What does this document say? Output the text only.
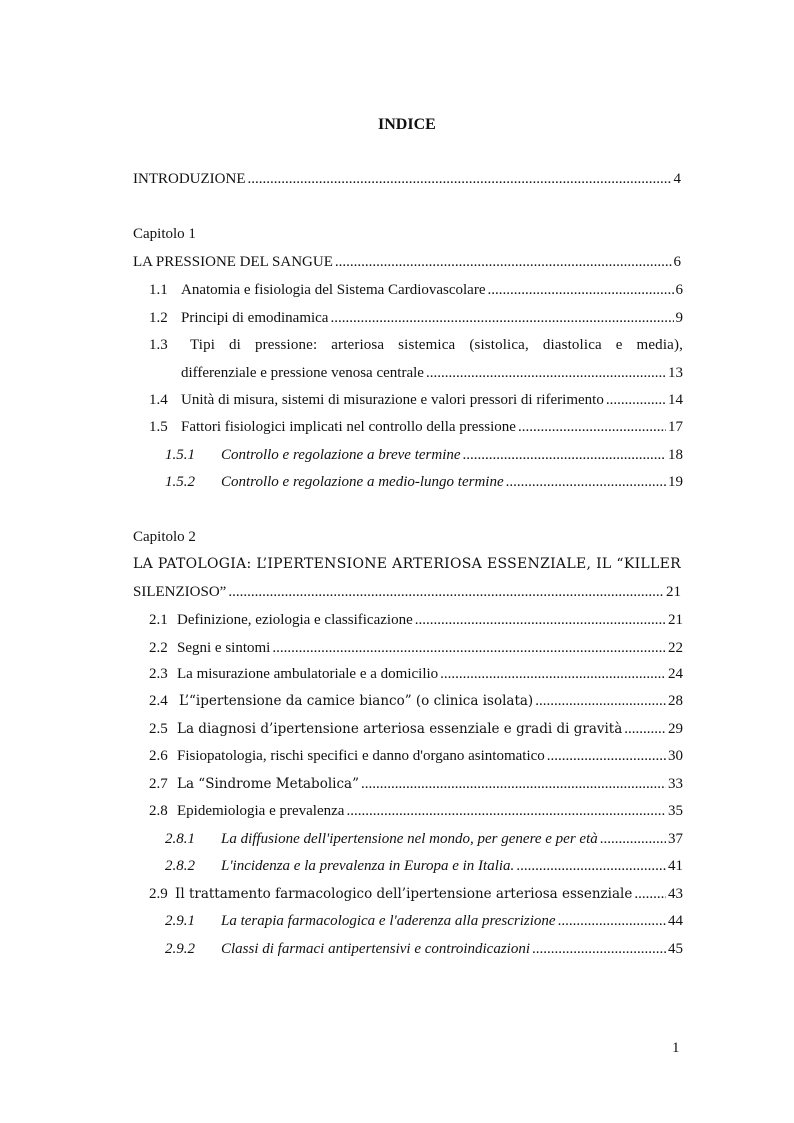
INDICE
INTRODUZIONE .....	4
Capitolo 1
LA PRESSIONE DEL SANGUE .....	6
1.1 Anatomia e fisiologia del Sistema Cardiovascolare .....	6
1.2 Principi di emodinamica .....	9
1.3	Tipi di pressione: arteriosa sistemica (sistolica, diastolica e media),
differenziale e pressione venosa centrale .....	13
1.4 Unità di misura, sistemi di misurazione e valori pressori di riferimento .....	14
1.5 Fattori fisiologici implicati nel controllo della pressione .....	17
1.5.1 Controllo e regolazione a breve termine .....	18
1.5.2 Controllo e regolazione a medio-lungo termine .....	19
Capitolo 2
LA PATOLOGIA: L’IPERTENSIONE ARTERIOSA ESSENZIALE, IL “KILLER
SILENZIOSO” .....	21
2.1 Definizione, eziologia e classificazione .....	21
2.2 Segni e sintomi .....	22
2.3 La misurazione ambulatoriale e a domicilio .....	24
2.4 L’“ipertensione da camice bianco” (o clinica isolata) .....	28
2.5 La diagnosi d’ipertensione arteriosa essenziale e gradi di gravità .....	29
2.6 Fisiopatologia, rischi specifici e danno d'organo asintomatico .....	30
2.7 La “Sindrome Metabolica” .....	33
2.8 Epidemiologia e prevalenza .....	35
2.8.1 La diffusione dell'ipertensione nel mondo, per genere e per età .....	37
2.8.2 L'incidenza e la prevalenza in Europa e in Italia. .....	41
2.9 Il trattamento farmacologico dell’ipertensione arteriosa essenziale ..... 43
2.9.1 La terapia farmacologica e l'aderenza alla prescrizione .....	44
2.9.2 Classi di farmaci antipertensivi e controindicazioni .....	45
1
